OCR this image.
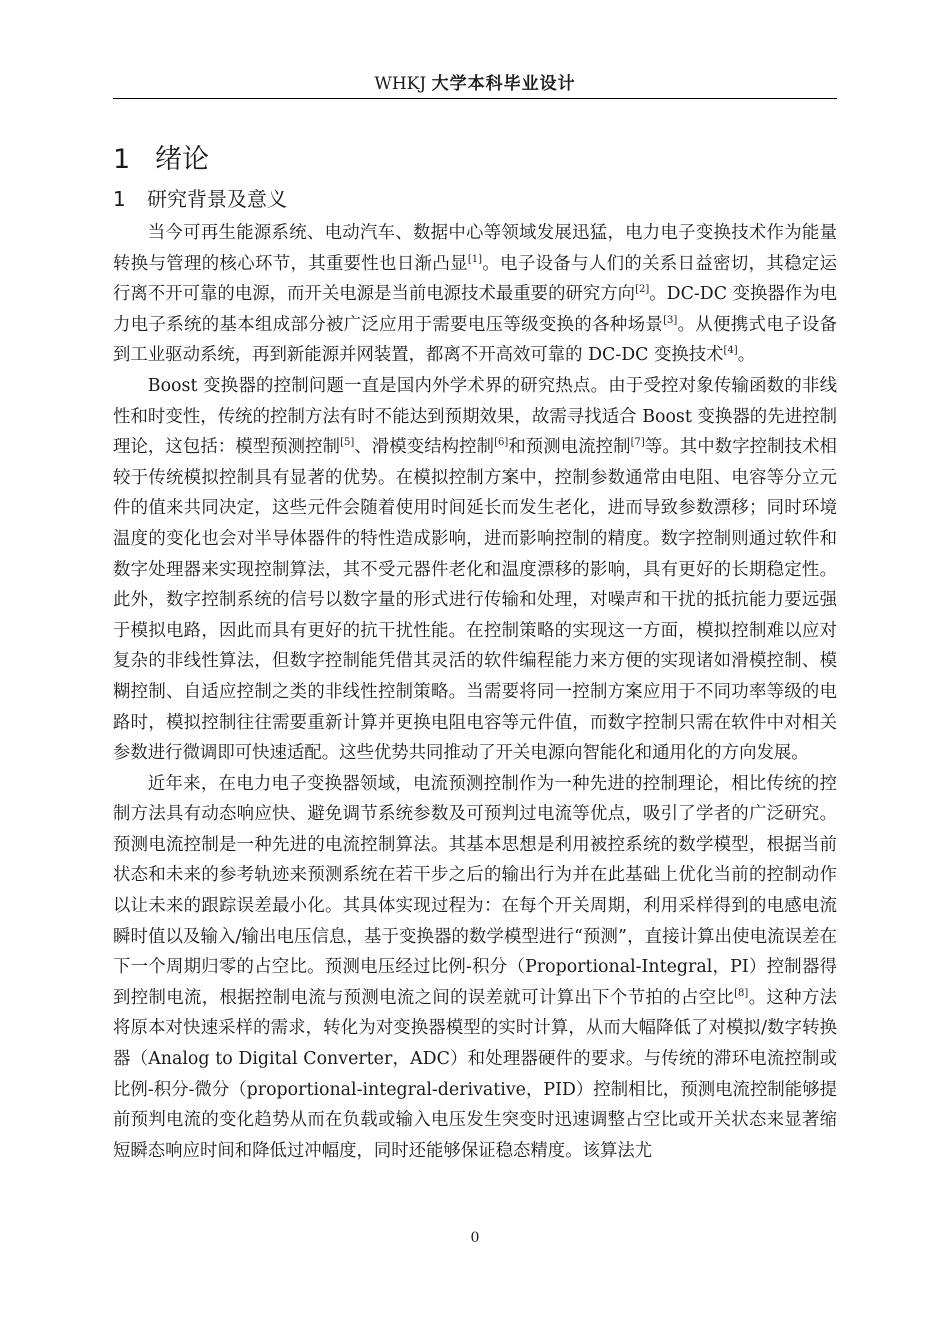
WHKJ 大学本科毕业设计
1 绪论
1 研究背景及意义

当今可再生能源系统、电动汽车、数据中心等领域发展迅猛，电力电子变换技术作为能量转换与管理的核心环节，其重要性也日渐凸显[1]。电子设备与人们的关系日益密切，其稳定运行离不开可靠的电源，而开关电源是当前电源技术最重要的研究方向[2]。DC-DC 变换器作为电力电子系统的基本组成部分被广泛应用于需要电压等级变换的各种场景[3]。从便携式电子设备到工业驱动系统，再到新能源并网装置，都离不开高效可靠的 DC-DC 变换技术[4]。

Boost 变换器的控制问题一直是国内外学术界的研究热点。由于受控对象传输函数的非线性和时变性，传统的控制方法有时不能达到预期效果，故需寻找适合 Boost 变换器的先进控制理论，这包括：模型预测控制[5]、滑模变结构控制[6]和预测电流控制[7]等。其中数字控制技术相较于传统模拟控制具有显著的优势。在模拟控制方案中，控制参数通常由电阻、电容等分立元件的值来共同决定，这些元件会随着使用时间延长而发生老化，进而导致参数漂移；同时环境温度的变化也会对半导体器件的特性造成影响，进而影响控制的精度。数字控制则通过软件和数字处理器来实现控制算法，其不受元器件老化和温度漂移的影响，具有更好的长期稳定性。此外，数字控制系统的信号以数字量的形式进行传输和处理，对噪声和干扰的抵抗能力要远强于模拟电路，因此而具有更好的抗干扰性能。在控制策略的实现这一方面，模拟控制难以应对复杂的非线性算法，但数字控制能凭借其灵活的软件编程能力来方便的实现诸如滑模控制、模糊控制、自适应控制之类的非线性控制策略。当需要将同一控制方案应用于不同功率等级的电路时，模拟控制往往需要重新计算并更换电阻电容等元件值，而数字控制只需在软件中对相关参数进行微调即可快速适配。这些优势共同推动了开关电源向智能化和通用化的方向发展。

近年来，在电力电子变换器领域，电流预测控制作为一种先进的控制理论，相比传统的控制方法具有动态响应快、避免调节系统参数及可预判过电流等优点，吸引了学者的广泛研究。预测电流控制是一种先进的电流控制算法。其基本思想是利用被控系统的数学模型，根据当前状态和未来的参考轨迹来预测系统在若干步之后的输出行为并在此基础上优化当前的控制动作以让未来的跟踪误差最小化。其具体实现过程为：在每个开关周期，利用采样得到的电感电流瞬时值以及输入/输出电压信息，基于变换器的数学模型进行“预测”，直接计算出使电流误差在下一个周期归零的占空比。预测电压经过比例-积分（Proportional-Integral，PI）控制器得到控制电流，根据控制电流与预测电流之间的误差就可计算出下个节拍的占空比[8]。这种方法将原本对快速采样的需求，转化为对变换器模型的实时计算，从而大幅降低了对模拟/数字转换器（Analog to Digital Converter，ADC）和处理器硬件的要求。与传统的滞环电流控制或比例-积分-微分（proportional-integral-derivative，PID）控制相比，预测电流控制能够提前预判电流的变化趋势从而在负载或输入电压发生突变时迅速调整占空比或开关状态来显著缩短瞬态响应时间和降低过冲幅度，同时还能够保证稳态精度。该算法尤

0
